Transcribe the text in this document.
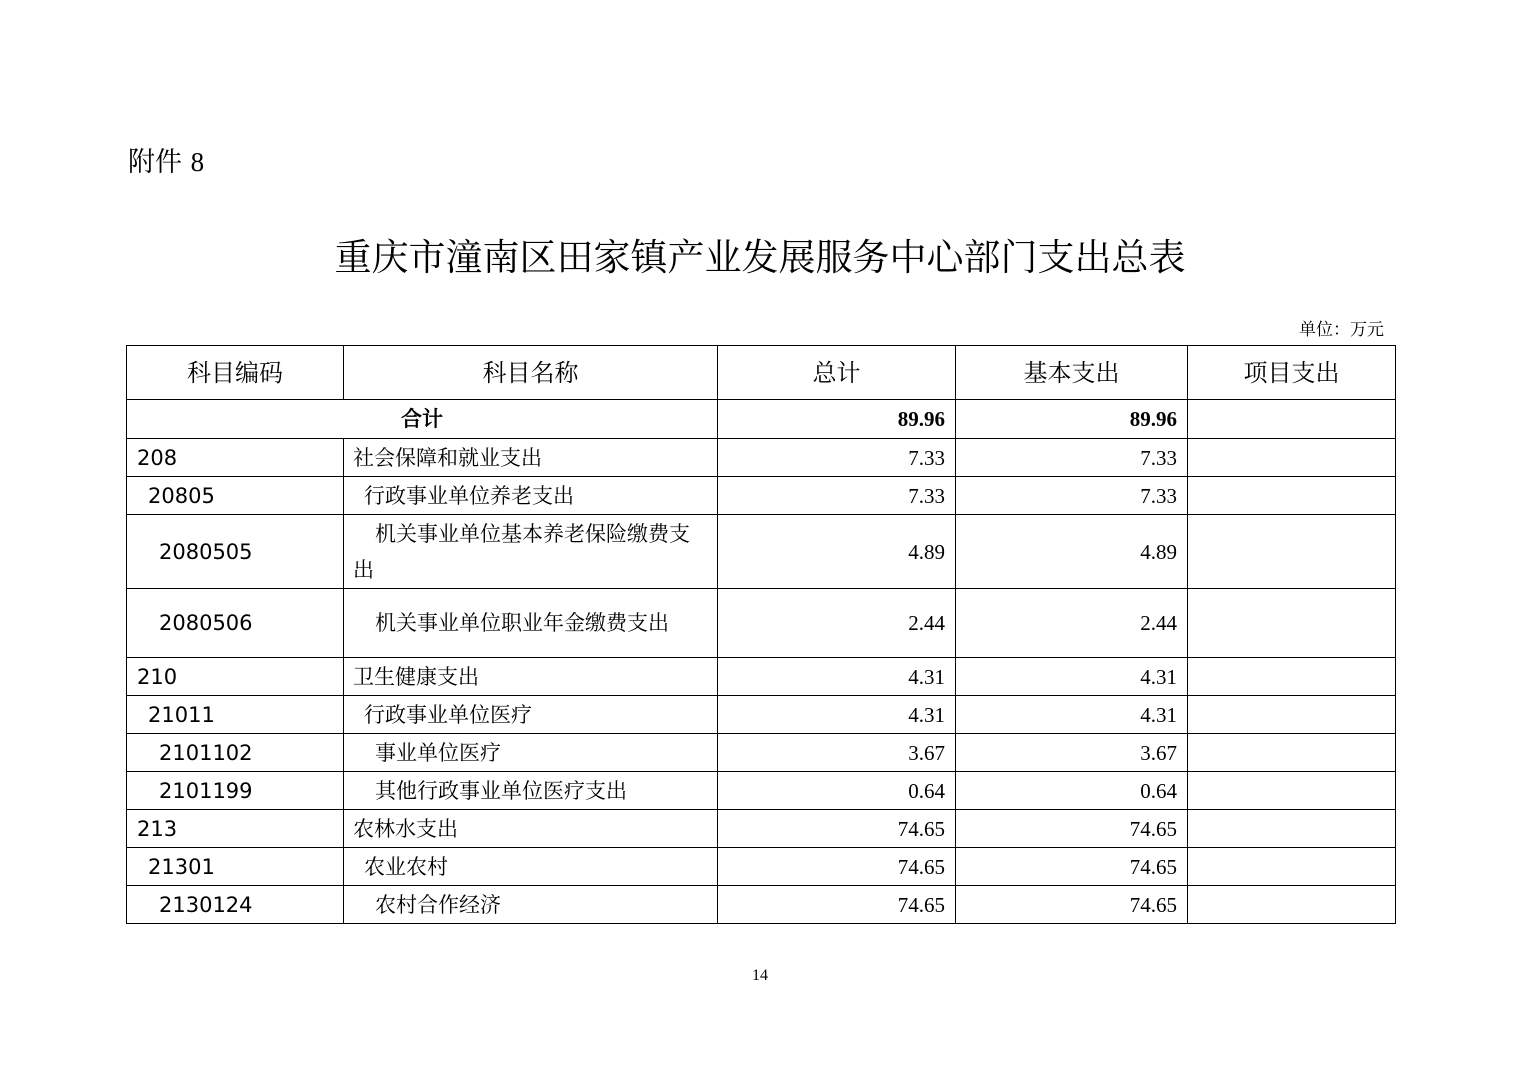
附件 8
重庆市潼南区田家镇产业发展服务中心部门支出总表
单位：万元
科目编码	科目名称	总计	基本支出	项目支出
合计		89.96	89.96	
208	社会保障和就业支出	7.33	7.33	
20805	行政事业单位养老支出	7.33	7.33	
2080505	机关事业单位基本养老保险缴费支出	4.89	4.89	
2080506	机关事业单位职业年金缴费支出	2.44	2.44	
210	卫生健康支出	4.31	4.31	
21011	行政事业单位医疗	4.31	4.31	
2101102	事业单位医疗	3.67	3.67	
2101199	其他行政事业单位医疗支出	0.64	0.64	
213	农林水支出	74.65	74.65	
21301	农业农村	74.65	74.65	
2130124	农村合作经济	74.65	74.65	
14
